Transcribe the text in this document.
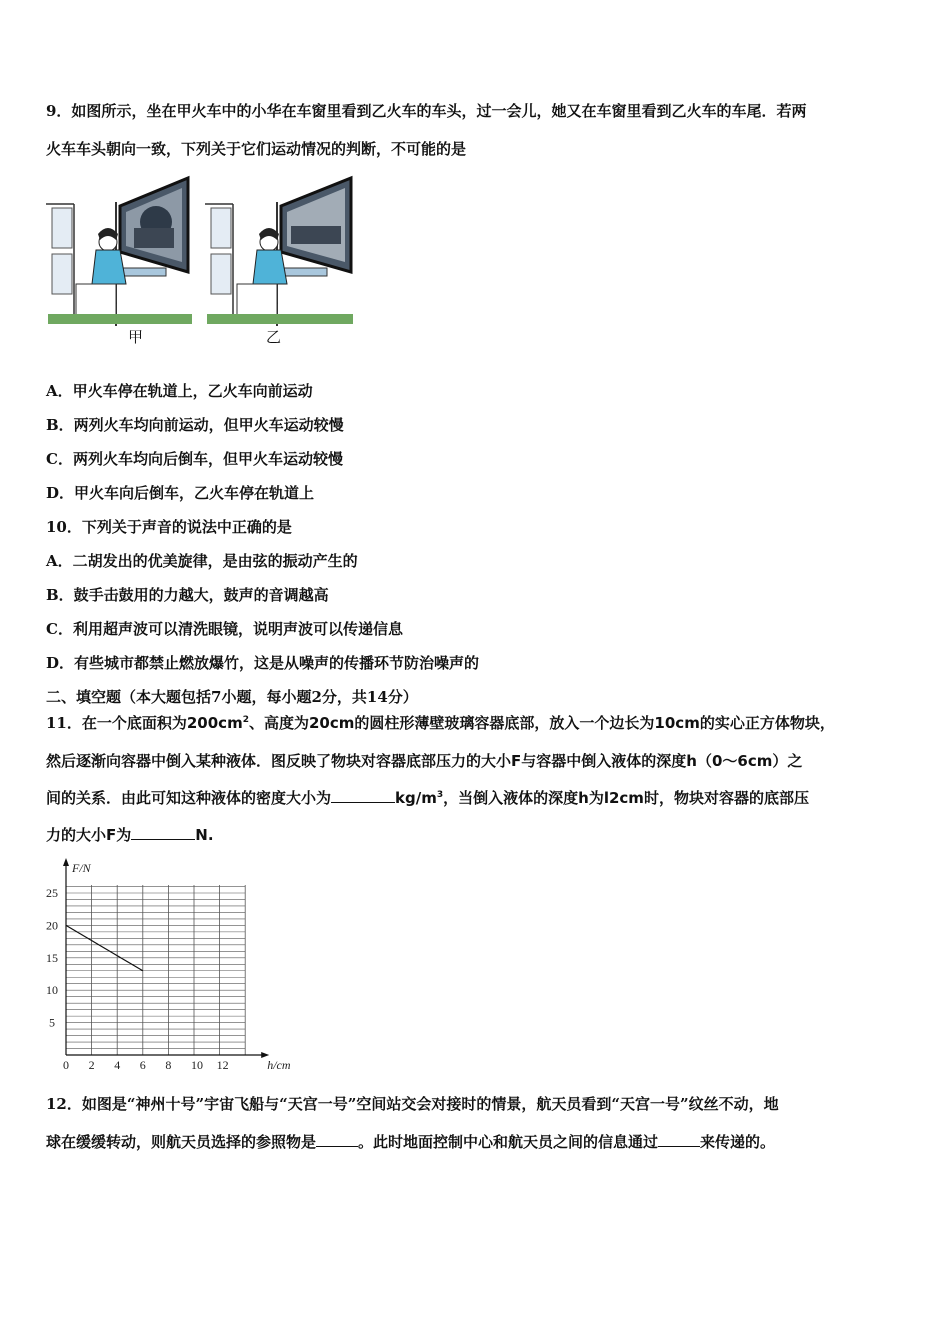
9．如图所示，坐在甲火车中的小华在车窗里看到乙火车的车头，过一会儿，她又在车窗里看到乙火车的车尾．若两
火车车头朝向一致，下列关于它们运动情况的判断，不可能的是
甲	乙
A．甲火车停在轨道上，乙火车向前运动
B．两列火车均向前运动，但甲火车运动较慢
C．两列火车均向后倒车，但甲火车运动较慢
D．甲火车向后倒车，乙火车停在轨道上
10．下列关于声音的说法中正确的是
A．二胡发出的优美旋律，是由弦的振动产生的
B．鼓手击鼓用的力越大，鼓声的音调越高
C．利用超声波可以清洗眼镜，说明声波可以传递信息
D．有些城市都禁止燃放爆竹，这是从噪声的传播环节防治噪声的
二、填空题（本大题包括7小题，每小题2分，共14分）
11．在一个底面积为$200cm^2$、高度为20cm的圆柱形薄壁玻璃容器底部，放入一个边长为10cm的实心正方体物块，
然后逐渐向容器中倒入某种液体．图反映了物块对容器底部压力的大小F与容器中倒入液体的深度h（0～6cm）之
间的关系．由此可知这种液体的密度大小为	$kg/m^3$，当倒入液体的深度h为l2cm时，物块对容器的底部压
力的大小F为	N.
0 2 4 6 8 10 12
5
10
15
20
25
F/N
h/cm
12．如图是“神州十号”宇宙飞船与“天宫一号”空间站交会对接时的情景，航天员看到“天宫一号”纹丝不动，地
球在缓缓转动，则航天员选择的参照物是	。此时地面控制中心和航天员之间的信息通过	来传递的。
